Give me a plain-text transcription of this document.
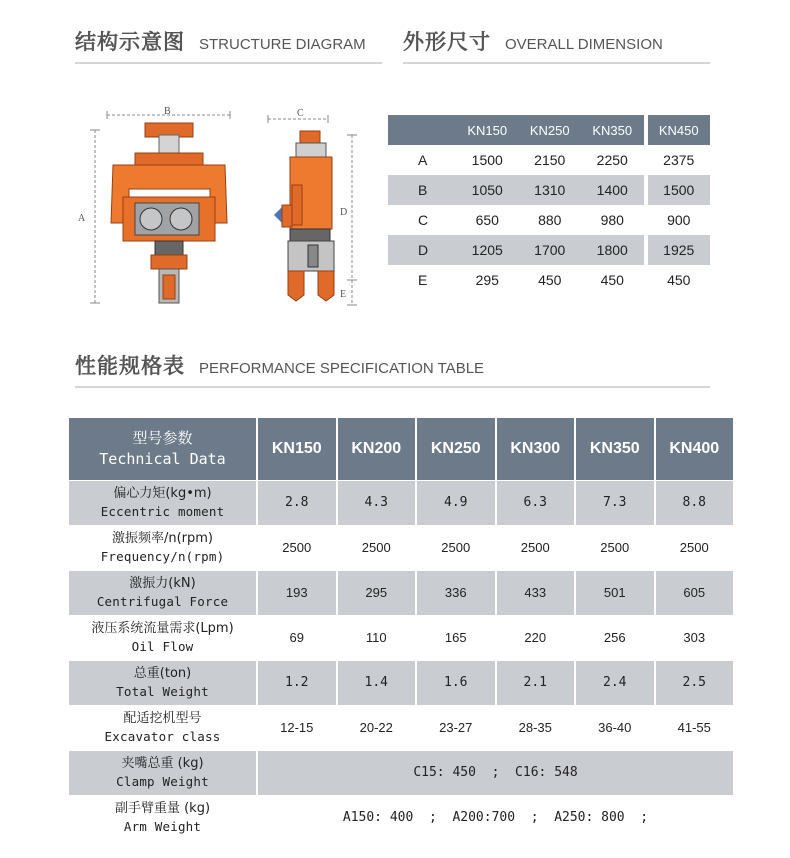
结构示意图 STRUCTURE DIAGRAM 外形尺寸 OVERALL DIMENSION
B
A
C
D
E
	KN150	KN250	KN350		KN450
A	1500	2150	2250		2375
B	1050	1310	1400		1500
C	650	880	980		900
D	1205	1700	1800		1925
E	295	450	450		450
性能规格表 PERFORMANCE SPECIFICATION TABLE
型号参数
Technical Data	KN150	KN200	KN250	KN300	KN350	KN400

偏心力矩(kg•m)
Eccentric moment	2.8	4.3	4.9	6.3	7.3	8.8

激振频率/n(rpm)
Frequency/n(rpm)	2500	2500	2500	2500	2500	2500

激振力(kN)
Centrifugal Force	193	295	336	433	501	605

液压系统流量需求(Lpm)
Oil Flow	69	110	165	220	256	303

总重(ton)
Total Weight	1.2	1.4	1.6	2.1	2.4	2.5

配适挖机型号
Excavator class	12-15	20-22	23-27	28-35	36-40	41-55

夹嘴总重 (kg)
Clamp Weight	C15: 450  ;  C16: 548					

副手臂重量 (kg)
Arm Weight	A150: 400  ;  A200:700  ;  A250: 800  ;					
